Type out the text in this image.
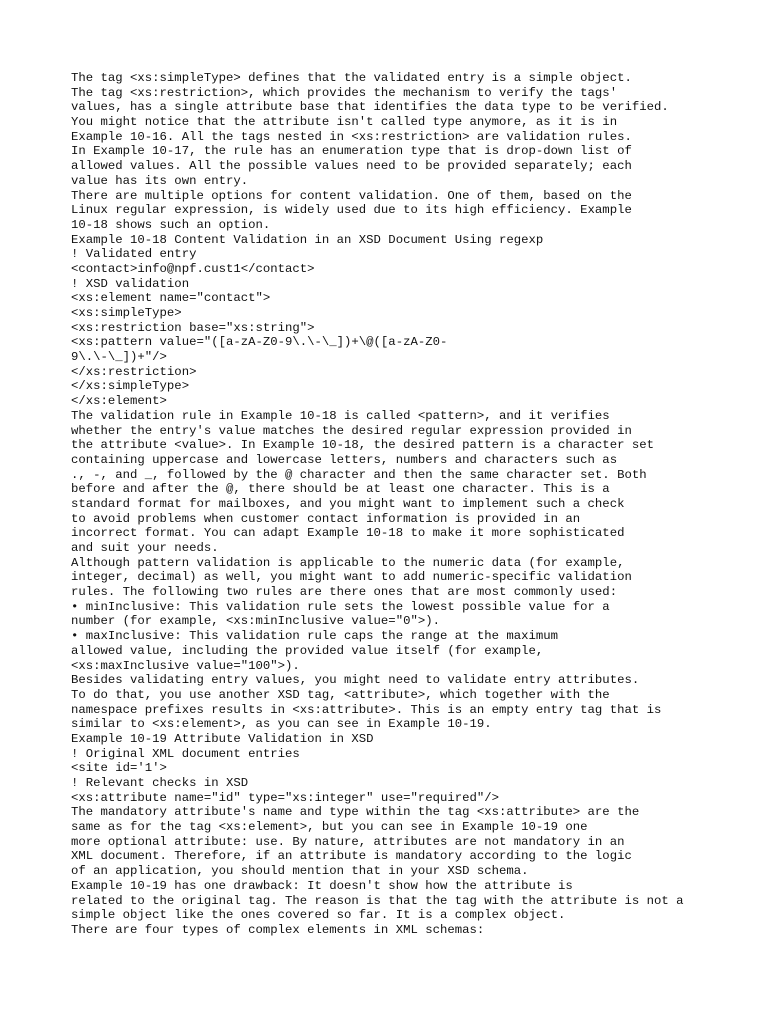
The tag <xs:simpleType> defines that the validated entry is a simple object.
The tag <xs:restriction>, which provides the mechanism to verify the tags'
values, has a single attribute base that identifies the data type to be verified.
You might notice that the attribute isn't called type anymore, as it is in
Example 10-16. All the tags nested in <xs:restriction> are validation rules.
In Example 10-17, the rule has an enumeration type that is drop-down list of
allowed values. All the possible values need to be provided separately; each
value has its own entry.
There are multiple options for content validation. One of them, based on the
Linux regular expression, is widely used due to its high efficiency. Example
10-18 shows such an option.
Example 10-18 Content Validation in an XSD Document Using regexp
! Validated entry
<contact>info@npf.cust1</contact>
! XSD validation
<xs:element name="contact">
<xs:simpleType>
<xs:restriction base="xs:string">
<xs:pattern value="([a-zA-Z0-9\.\-\_])+\@([a-zA-Z0-
9\.\-\_])+"/>
</xs:restriction>
</xs:simpleType>
</xs:element>
The validation rule in Example 10-18 is called <pattern>, and it verifies
whether the entry's value matches the desired regular expression provided in
the attribute <value>. In Example 10-18, the desired pattern is a character set
containing uppercase and lowercase letters, numbers and characters such as
., -, and _, followed by the @ character and then the same character set. Both
before and after the @, there should be at least one character. This is a
standard format for mailboxes, and you might want to implement such a check
to avoid problems when customer contact information is provided in an
incorrect format. You can adapt Example 10-18 to make it more sophisticated
and suit your needs.
Although pattern validation is applicable to the numeric data (for example,
integer, decimal) as well, you might want to add numeric-specific validation
rules. The following two rules are there ones that are most commonly used:
• minInclusive: This validation rule sets the lowest possible value for a
number (for example, <xs:minInclusive value="0">).
• maxInclusive: This validation rule caps the range at the maximum
allowed value, including the provided value itself (for example,
<xs:maxInclusive value="100">).
Besides validating entry values, you might need to validate entry attributes.
To do that, you use another XSD tag, <attribute>, which together with the
namespace prefixes results in <xs:attribute>. This is an empty entry tag that is
similar to <xs:element>, as you can see in Example 10-19.
Example 10-19 Attribute Validation in XSD
! Original XML document entries
<site id='1'>
! Relevant checks in XSD
<xs:attribute name="id" type="xs:integer" use="required"/>
The mandatory attribute's name and type within the tag <xs:attribute> are the
same as for the tag <xs:element>, but you can see in Example 10-19 one
more optional attribute: use. By nature, attributes are not mandatory in an
XML document. Therefore, if an attribute is mandatory according to the logic
of an application, you should mention that in your XSD schema.
Example 10-19 has one drawback: It doesn't show how the attribute is
related to the original tag. The reason is that the tag with the attribute is not a
simple object like the ones covered so far. It is a complex object.
There are four types of complex elements in XML schemas:
